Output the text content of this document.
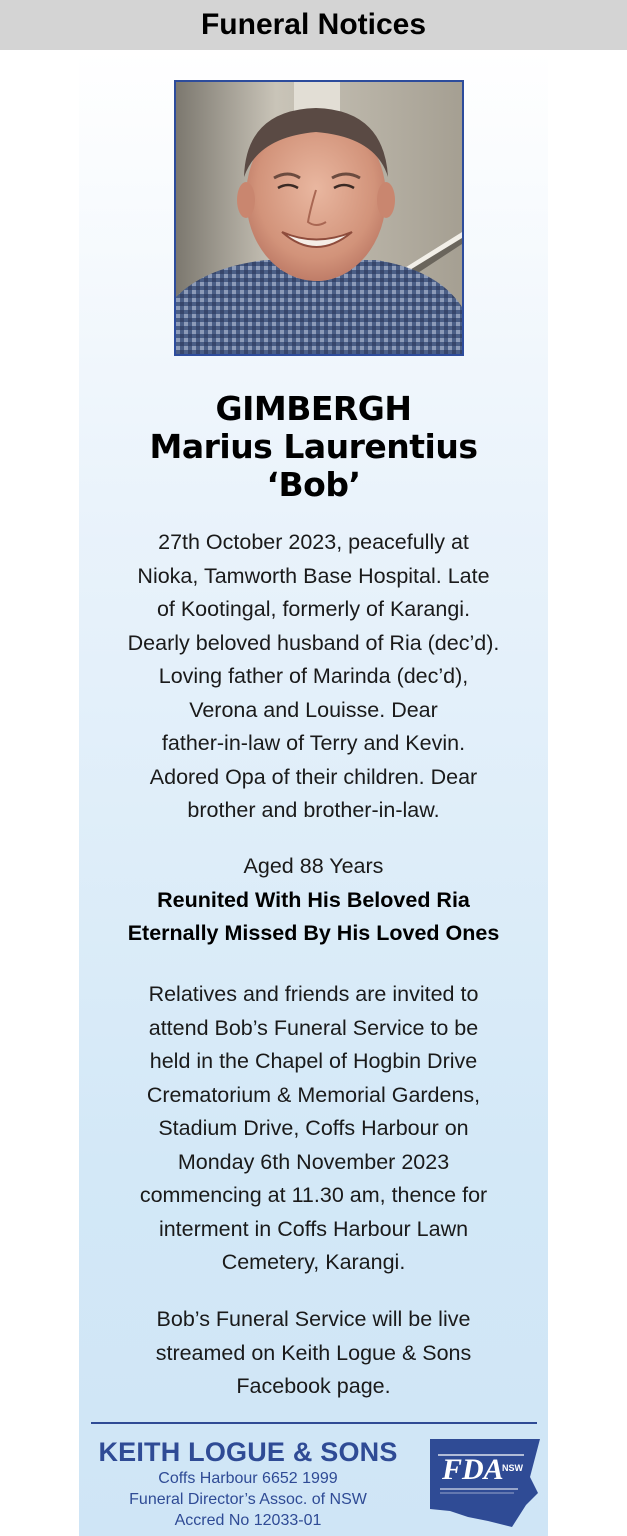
Funeral Notices
GIMBERGH
Marius Laurentius
‘Bob’
27th October 2023, peacefully at
Nioka, Tamworth Base Hospital. Late
of Kootingal, formerly of Karangi.
Dearly beloved husband of Ria (dec’d).
Loving father of Marinda (dec’d),
Verona and Louisse. Dear
father-in-law of Terry and Kevin.
Adored Opa of their children. Dear
brother and brother-in-law.
Aged 88 Years
Reunited With His Beloved Ria
Eternally Missed By His Loved Ones
Relatives and friends are invited to
attend Bob’s Funeral Service to be
held in the Chapel of Hogbin Drive
Crematorium & Memorial Gardens,
Stadium Drive, Coffs Harbour on
Monday 6th November 2023
commencing at 11.30 am, thence for
interment in Coffs Harbour Lawn
Cemetery, Karangi.
Bob’s Funeral Service will be live
streamed on Keith Logue & Sons
Facebook page.
KEITH LOGUE & SONS
Coffs Harbour 6652 1999
Funeral Director’s Assoc. of NSW
Accred No 12033-01
FDA
NSW
